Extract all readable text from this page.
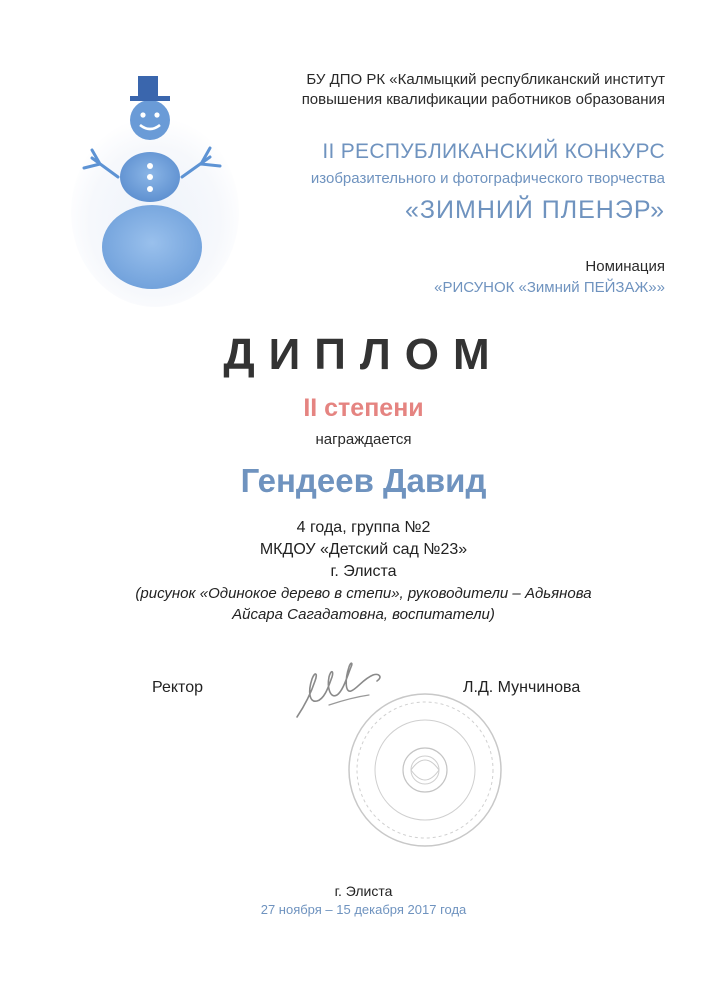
БУ ДПО РК «Калмыцкий республиканский институт
повышения квалификации работников образования
II РЕСПУБЛИКАНСКИЙ КОНКУРС
изобразительного и фотографического творчества
«ЗИМНИЙ ПЛЕНЭР»
Номинация
«РИСУНОК «Зимний ПЕЙЗАЖ»»
ДИПЛОМ
II степени
награждается
Гендеев Давид
4 года, группа №2
МКДОУ «Детский сад №23»
г. Элиста
(рисунок «Одинокое дерево в степи», руководители – Адьянова
Айсара Сагадатовна, воспитатели)
Ректор	Л.Д. Мунчинова
г. Элиста
27 ноября – 15 декабря 2017 года
